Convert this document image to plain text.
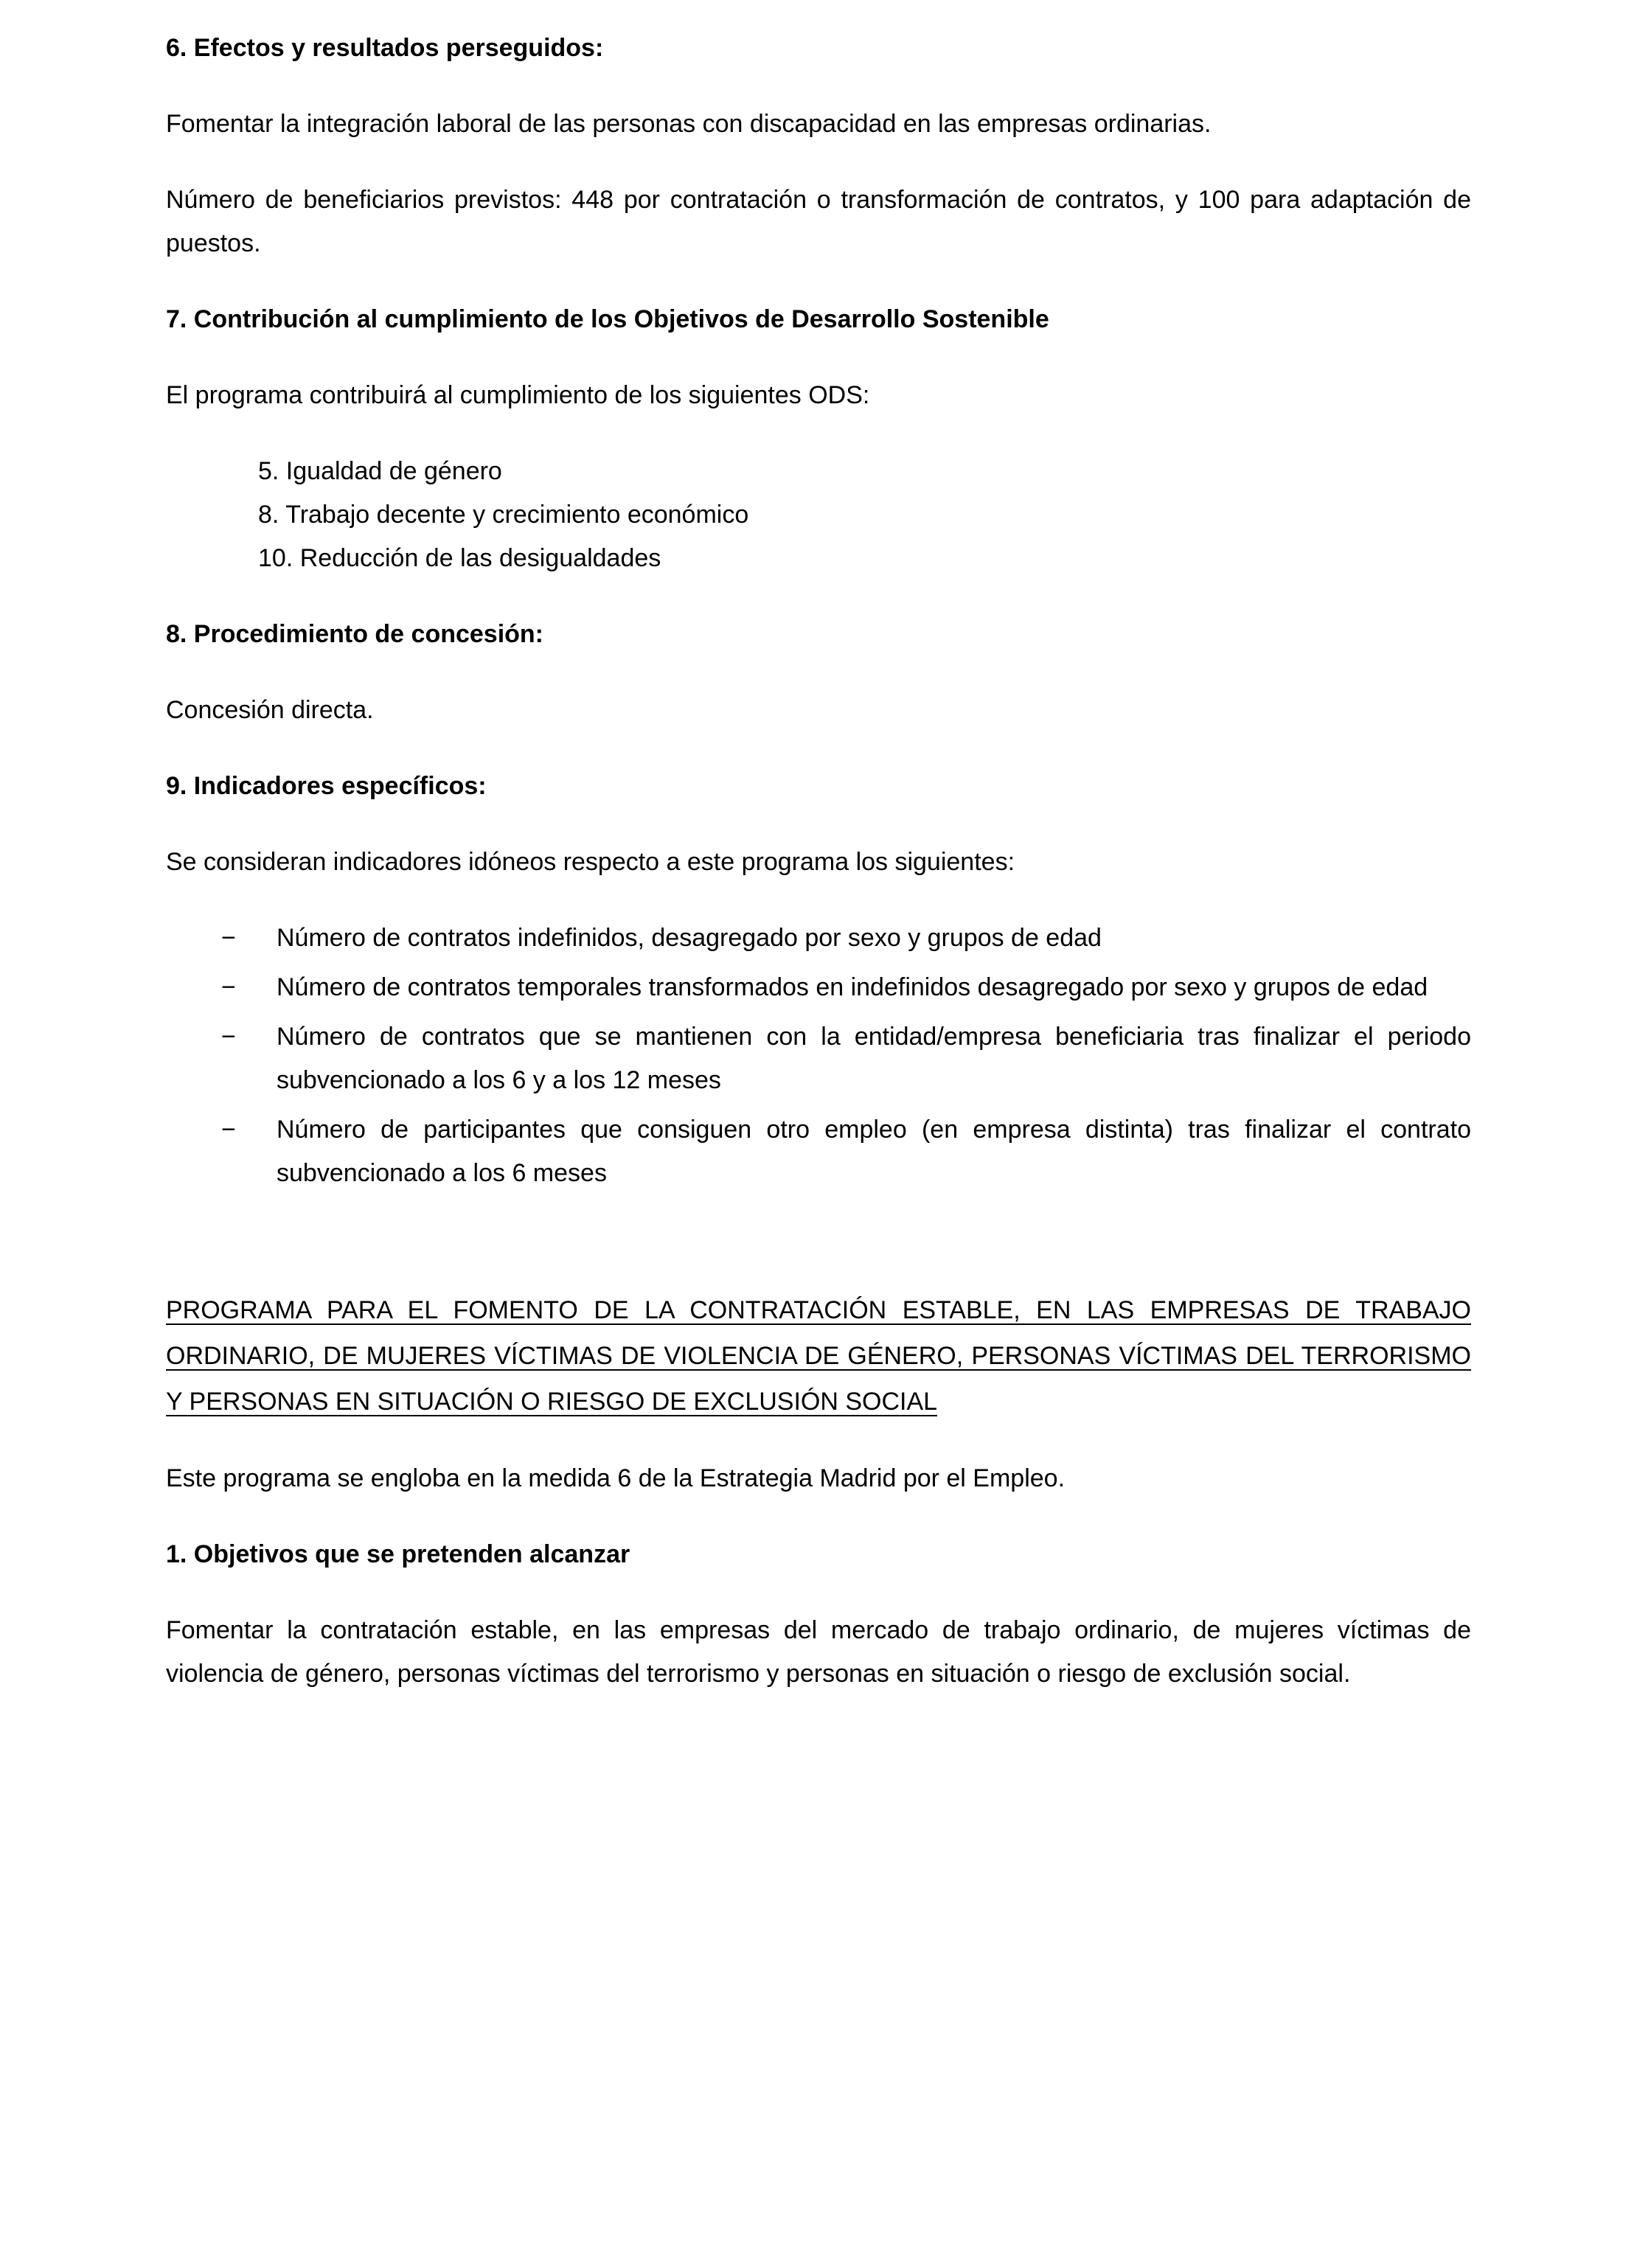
6. Efectos y resultados perseguidos:

Fomentar la integración laboral de las personas con discapacidad en las empresas ordinarias.

Número de beneficiarios previstos: 448 por contratación o transformación de contratos, y 100 para adaptación de puestos.

7. Contribución al cumplimiento de los Objetivos de Desarrollo Sostenible

El programa contribuirá al cumplimiento de los siguientes ODS:

5. Igualdad de género
8. Trabajo decente y crecimiento económico
10. Reducción de las desigualdades
8. Procedimiento de concesión:

Concesión directa.

9. Indicadores específicos:

Se consideran indicadores idóneos respecto a este programa los siguientes:

−	Número de contratos indefinidos, desagregado por sexo y grupos de edad
−	Número de contratos temporales transformados en indefinidos desagregado por sexo y grupos de edad
−	Número de contratos que se mantienen con la entidad/empresa beneficiaria tras finalizar el periodo subvencionado a los 6 y a los 12 meses
−	Número de participantes que consiguen otro empleo (en empresa distinta) tras finalizar el contrato subvencionado a los 6 meses
PROGRAMA PARA EL FOMENTO DE LA CONTRATACIÓN ESTABLE, EN LAS EMPRESAS DE TRABAJO ORDINARIO, DE MUJERES VÍCTIMAS DE VIOLENCIA DE GÉNERO, PERSONAS VÍCTIMAS DEL TERRORISMO Y PERSONAS EN SITUACIÓN O RIESGO DE EXCLUSIÓN SOCIAL

Este programa se engloba en la medida 6 de la Estrategia Madrid por el Empleo.

1. Objetivos que se pretenden alcanzar

Fomentar la contratación estable, en las empresas del mercado de trabajo ordinario, de mujeres víctimas de violencia de género, personas víctimas del terrorismo y personas en situación o riesgo de exclusión social.
